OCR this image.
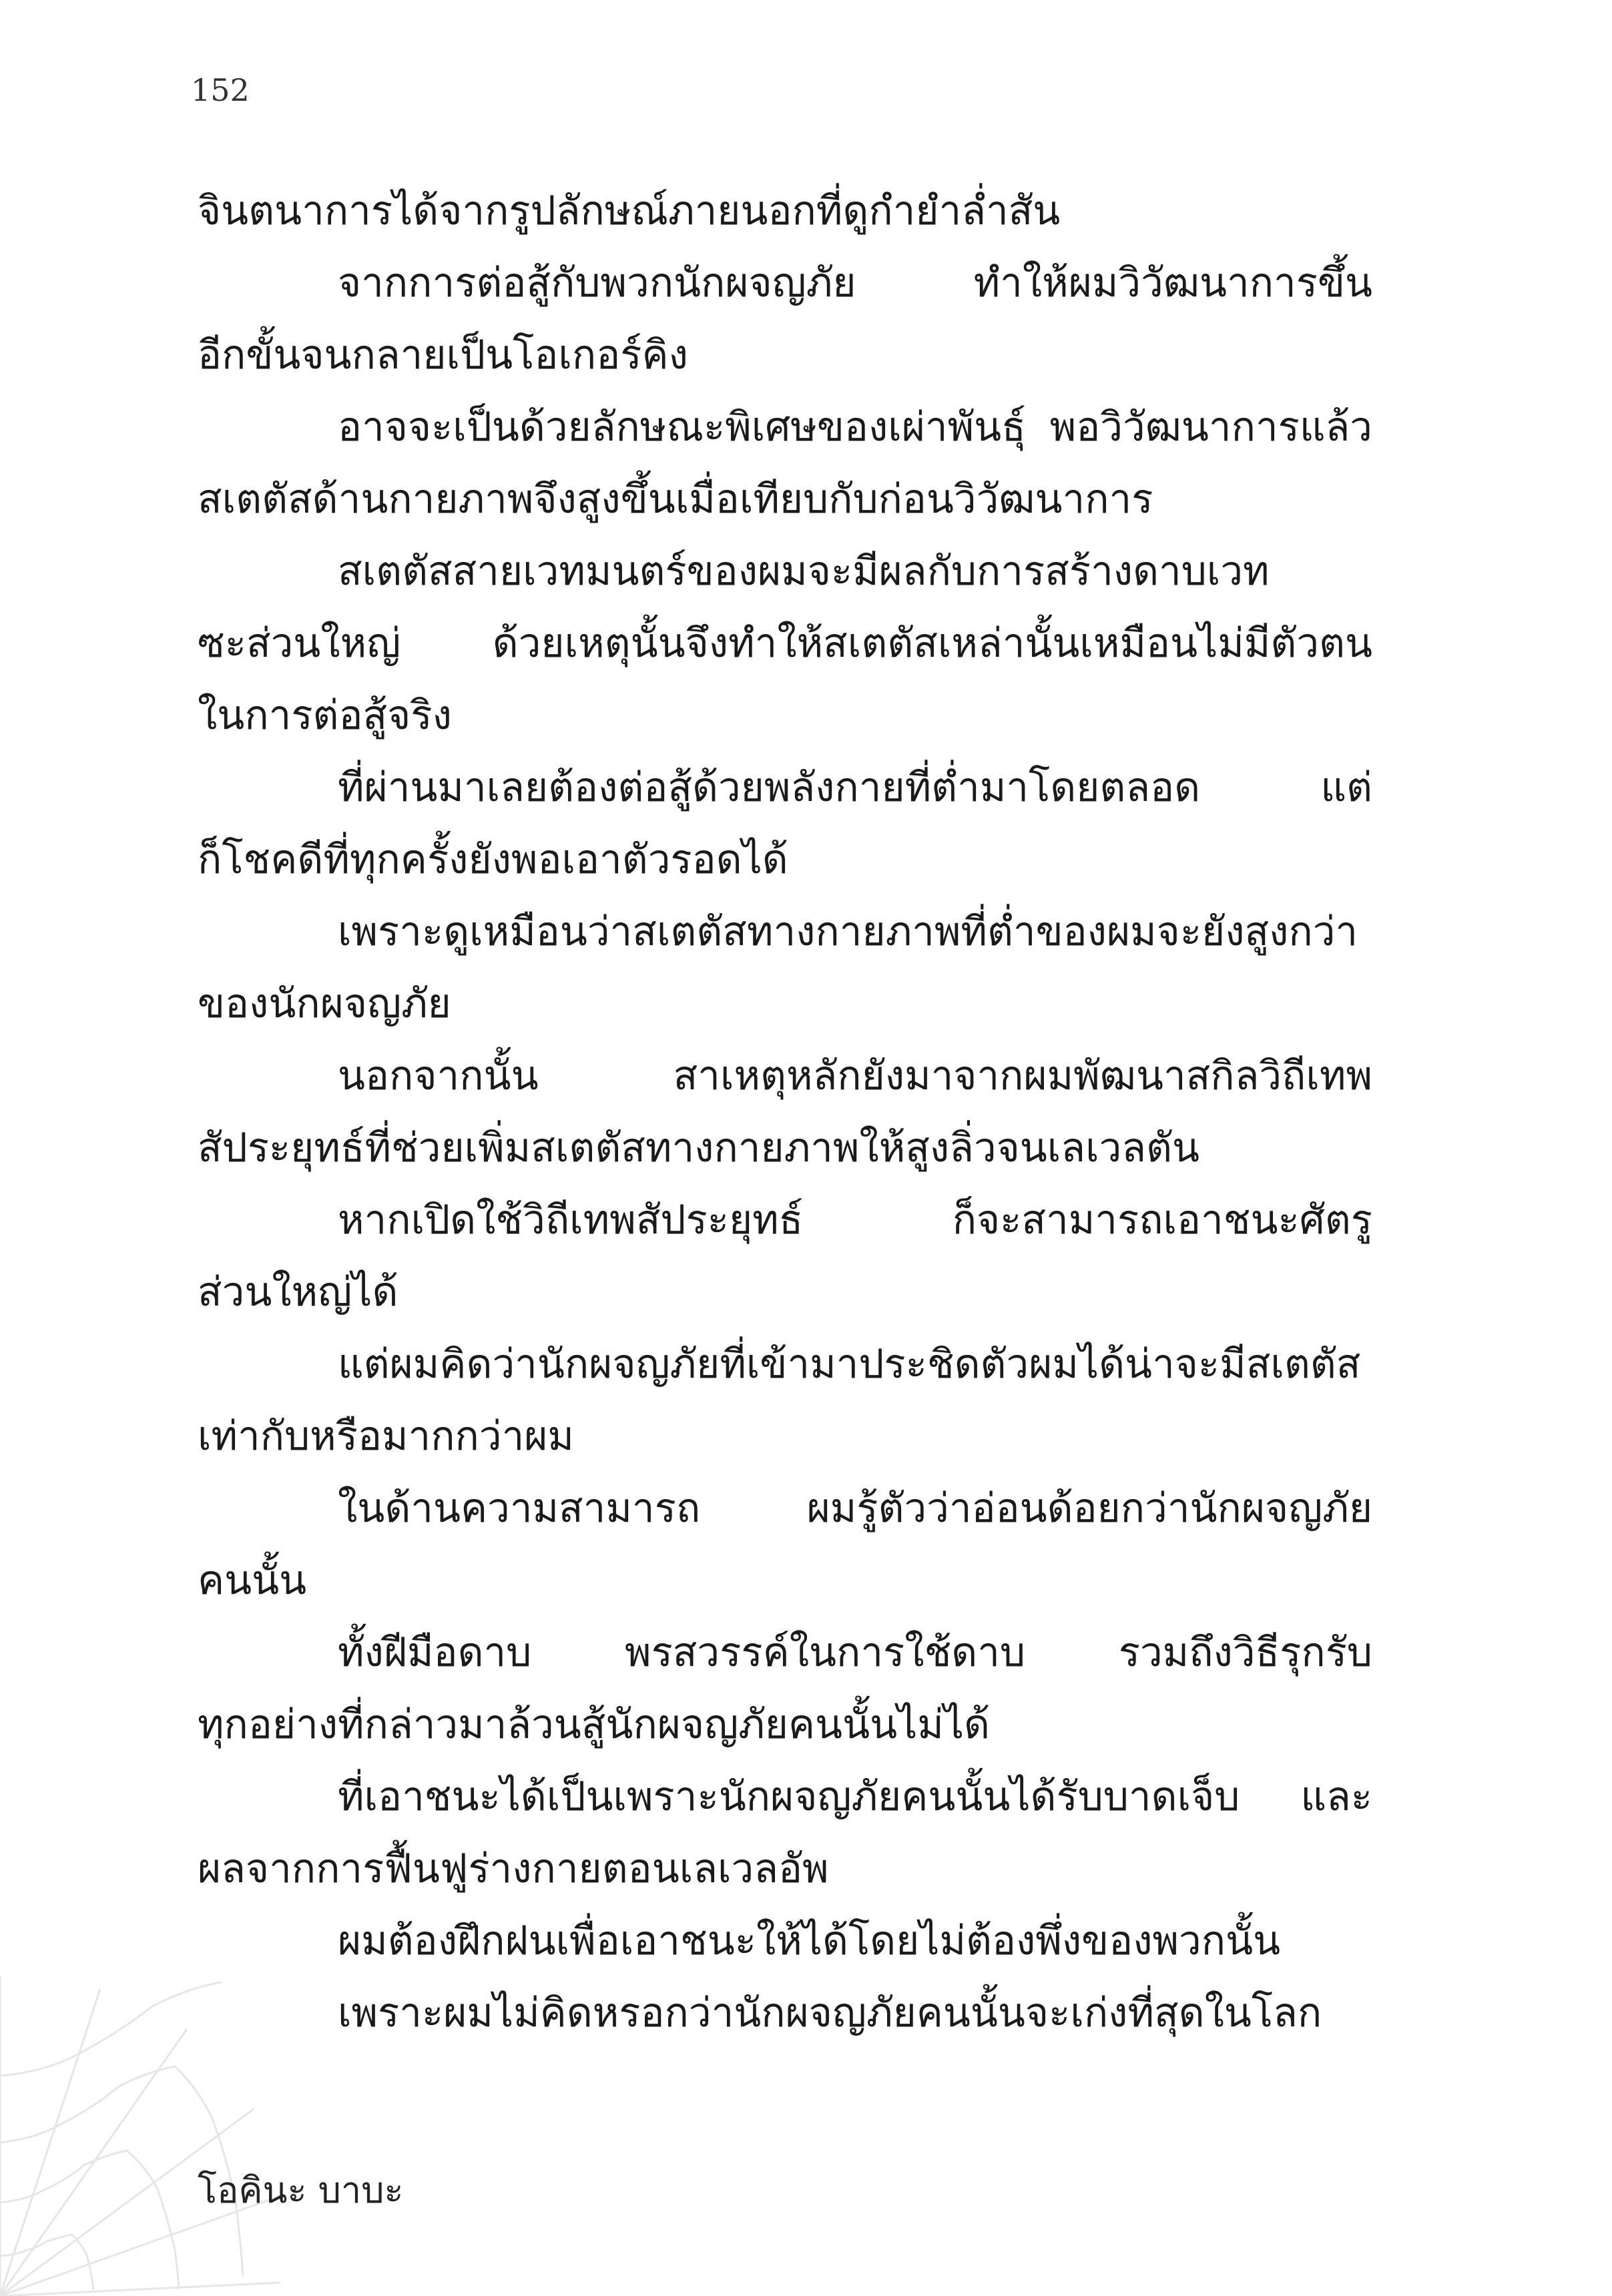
152
จินตนาการได้จากรูปลักษณ์ภายนอกที่ดูกำยำล่ำสัน
จากการต่อสู้กับพวกนักผจญภัย ทำให้ผมวิวัฒนาการขึ้น
อีกขั้นจนกลายเป็นโอเกอร์คิง
อาจจะเป็นด้วยลักษณะพิเศษของเผ่าพันธุ์ พอวิวัฒนาการแล้ว
สเตตัสด้านกายภาพจึงสูงขึ้นเมื่อเทียบกับก่อนวิวัฒนาการ
สเตตัสสายเวทมนตร์ของผมจะมีผลกับการสร้างดาบเวท
ซะส่วนใหญ่ ด้วยเหตุนั้นจึงทำให้สเตตัสเหล่านั้นเหมือนไม่มีตัวตน
ในการต่อสู้จริง
ที่ผ่านมาเลยต้องต่อสู้ด้วยพลังกายที่ต่ำมาโดยตลอด แต่
ก็โชคดีที่ทุกครั้งยังพอเอาตัวรอดได้
เพราะดูเหมือนว่าสเตตัสทางกายภาพที่ต่ำของผมจะยังสูงกว่า
ของนักผจญภัย
นอกจากนั้น สาเหตุหลักยังมาจากผมพัฒนาสกิลวิถีเทพ
สัประยุทธ์ที่ช่วยเพิ่มสเตตัสทางกายภาพให้สูงลิ่วจนเลเวลตัน
หากเปิดใช้วิถีเทพสัประยุทธ์ ก็จะสามารถเอาชนะศัตรู
ส่วนใหญ่ได้
แต่ผมคิดว่านักผจญภัยที่เข้ามาประชิดตัวผมได้น่าจะมีสเตตัส
เท่ากับหรือมากกว่าผม
ในด้านความสามารถ ผมรู้ตัวว่าอ่อนด้อยกว่านักผจญภัย
คนนั้น
ทั้งฝีมือดาบ พรสวรรค์ในการใช้ดาบ รวมถึงวิธีรุกรับ
ทุกอย่างที่กล่าวมาล้วนสู้นักผจญภัยคนนั้นไม่ได้
ที่เอาชนะได้เป็นเพราะนักผจญภัยคนนั้นได้รับบาดเจ็บ และ
ผลจากการฟื้นฟูร่างกายตอนเลเวลอัพ
ผมต้องฝึกฝนเพื่อเอาชนะให้ได้โดยไม่ต้องพึ่งของพวกนั้น
เพราะผมไม่คิดหรอกว่านักผจญภัยคนนั้นจะเก่งที่สุดในโลก
โอคินะ บาบะ
